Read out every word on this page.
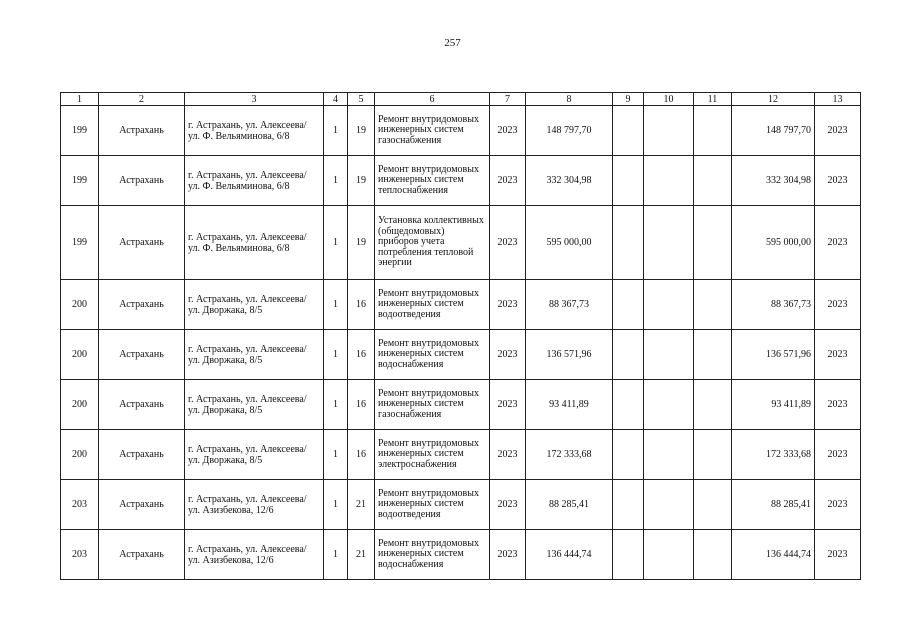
257
1	2	3	4	5	6	7	8	9	10	11	12	13
199	Астрахань	г. Астрахань, ул. Алексеева/ ул. Ф. Вельяминова, 6/8	1	19	Ремонт внутридомовых инженерных систем газоснабжения	2023	148 797,70				148 797,70	2023
199	Астрахань	г. Астрахань, ул. Алексеева/ ул. Ф. Вельяминова, 6/8	1	19	Ремонт внутридомовых инженерных систем теплоснабжения	2023	332 304,98				332 304,98	2023
199	Астрахань	г. Астрахань, ул. Алексеева/ ул. Ф. Вельяминова, 6/8	1	19	Установка коллективных (общедомовых) приборов учета потребления тепловой энергии	2023	595 000,00				595 000,00	2023
200	Астрахань	г. Астрахань, ул. Алексеева/ ул. Дворжака, 8/5	1	16	Ремонт внутридомовых инженерных систем водоотведения	2023	88 367,73				88 367,73	2023
200	Астрахань	г. Астрахань, ул. Алексеева/ ул. Дворжака, 8/5	1	16	Ремонт внутридомовых инженерных систем водоснабжения	2023	136 571,96				136 571,96	2023
200	Астрахань	г. Астрахань, ул. Алексеева/ ул. Дворжака, 8/5	1	16	Ремонт внутридомовых инженерных систем газоснабжения	2023	93 411,89				93 411,89	2023
200	Астрахань	г. Астрахань, ул. Алексеева/ ул. Дворжака, 8/5	1	16	Ремонт внутридомовых инженерных систем электроснабжения	2023	172 333,68				172 333,68	2023
203	Астрахань	г. Астрахань, ул. Алексеева/ ул. Азизбекова, 12/6	1	21	Ремонт внутридомовых инженерных систем водоотведения	2023	88 285,41				88 285,41	2023
203	Астрахань	г. Астрахань, ул. Алексеева/ ул. Азизбекова, 12/6	1	21	Ремонт внутридомовых инженерных систем водоснабжения	2023	136 444,74				136 444,74	2023
